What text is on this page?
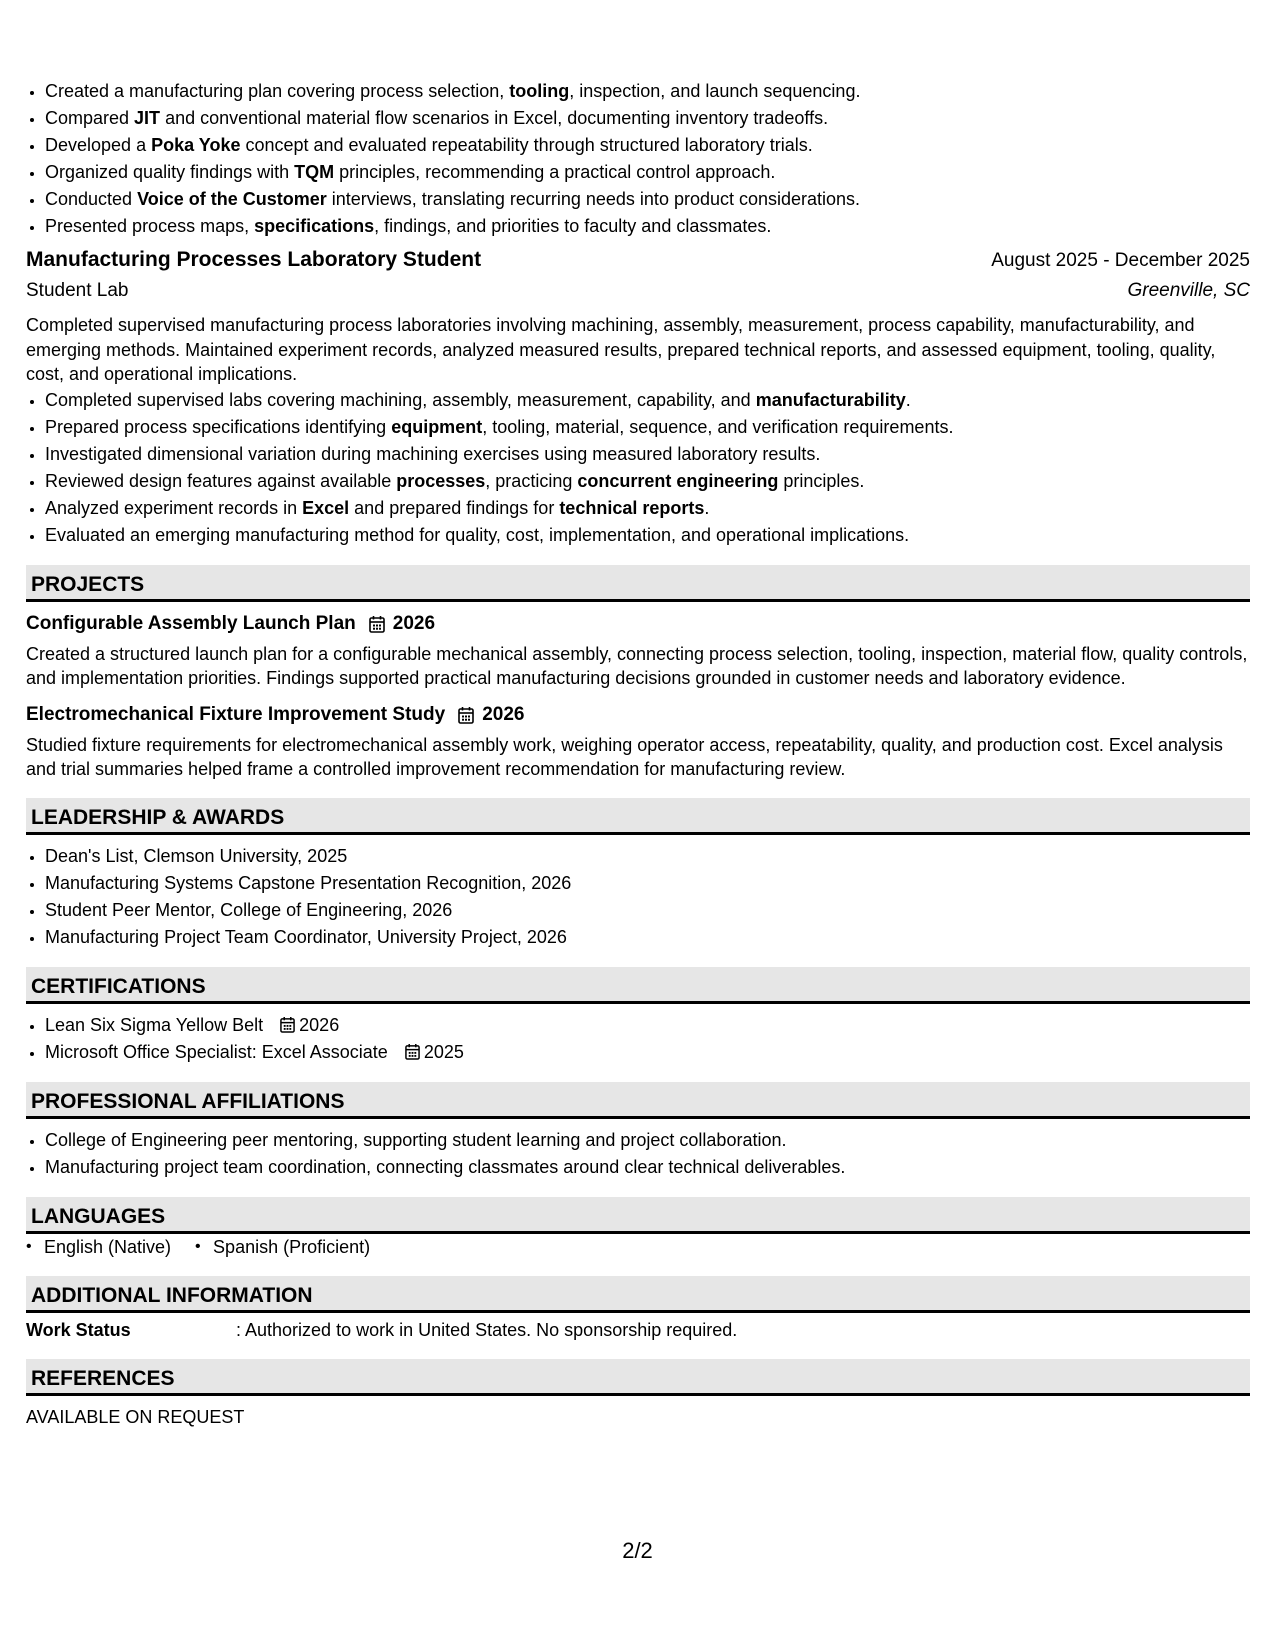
• Created a manufacturing plan covering process selection, tooling, inspection, and launch sequencing.
• Compared JIT and conventional material flow scenarios in Excel, documenting inventory tradeoffs.
• Developed a Poka Yoke concept and evaluated repeatability through structured laboratory trials.
• Organized quality findings with TQM principles, recommending a practical control approach.
• Conducted Voice of the Customer interviews, translating recurring needs into product considerations.
• Presented process maps, specifications, findings, and priorities to faculty and classmates.
Manufacturing Processes Laboratory Student	August 2025 - December 2025
Student Lab	Greenville, SC
Completed supervised manufacturing process laboratories involving machining, assembly, measurement, process capability, manufacturability, and emerging methods. Maintained experiment records, analyzed measured results, prepared technical reports, and assessed equipment, tooling, quality, cost, and operational implications.
• Completed supervised labs covering machining, assembly, measurement, capability, and manufacturability.
• Prepared process specifications identifying equipment, tooling, material, sequence, and verification requirements.
• Investigated dimensional variation during machining exercises using measured laboratory results.
• Reviewed design features against available processes, practicing concurrent engineering principles.
• Analyzed experiment records in Excel and prepared findings for technical reports.
• Evaluated an emerging manufacturing method for quality, cost, implementation, and operational implications.
PROJECTS
Configurable Assembly Launch Plan 2026
Created a structured launch plan for a configurable mechanical assembly, connecting process selection, tooling, inspection, material flow, quality controls, and implementation priorities. Findings supported practical manufacturing decisions grounded in customer needs and laboratory evidence.
Electromechanical Fixture Improvement Study 2026
Studied fixture requirements for electromechanical assembly work, weighing operator access, repeatability, quality, and production cost. Excel analysis and trial summaries helped frame a controlled improvement recommendation for manufacturing review.
LEADERSHIP & AWARDS
• Dean's List, Clemson University, 2025
• Manufacturing Systems Capstone Presentation Recognition, 2026
• Student Peer Mentor, College of Engineering, 2026
• Manufacturing Project Team Coordinator, University Project, 2026
CERTIFICATIONS
• Lean Six Sigma Yellow Belt 2026
• Microsoft Office Specialist: Excel Associate 2025
PROFESSIONAL AFFILIATIONS
• College of Engineering peer mentoring, supporting student learning and project collaboration.
• Manufacturing project team coordination, connecting classmates around clear technical deliverables.
LANGUAGES
• English (Native)
•	Spanish (Proficient)
ADDITIONAL INFORMATION
Work Status	: Authorized to work in United States. No sponsorship required.
REFERENCES
AVAILABLE ON REQUEST
2/2
